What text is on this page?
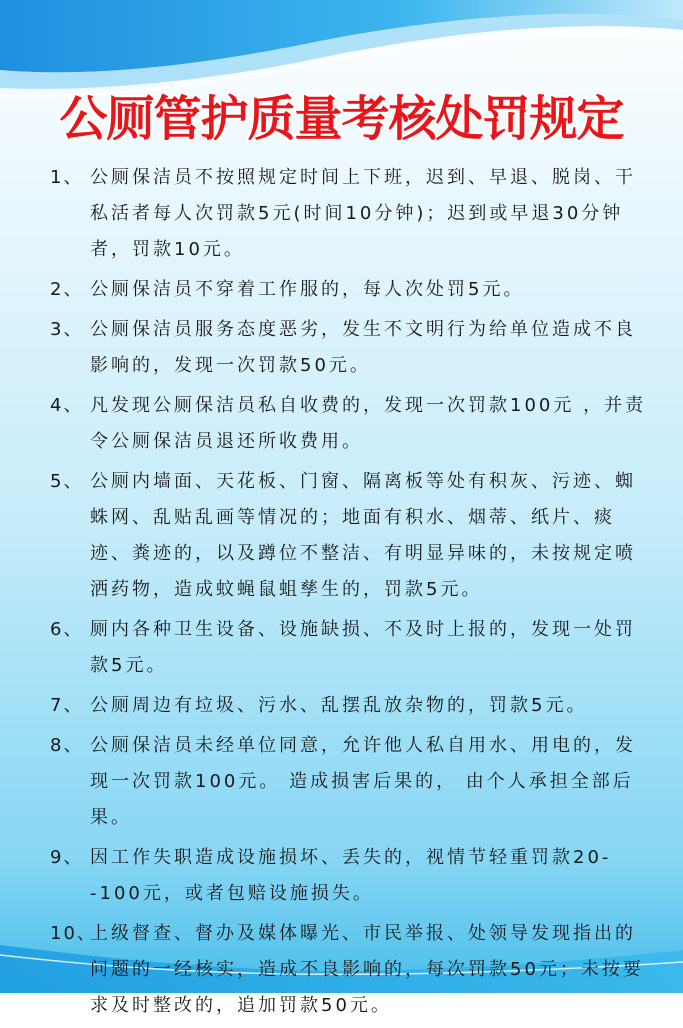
公厕管护质量考核处罚规定
1、 公厕保洁员不按照规定时间上下班，迟到、早退、脱岗、干私活者每人次罚款5元(时间10分钟)；迟到或早退30分钟者，罚款10元。
2、 公厕保洁员不穿着工作服的，每人次处罚5元。
3、 公厕保洁员服务态度恶劣，发生不文明行为给单位造成不良影响的，发现一次罚款50元。
4、 凡发现公厕保洁员私自收费的，发现一次罚款100元 ，并责令公厕保洁员退还所收费用。
5、 公厕内墙面、天花板、门窗、隔离板等处有积灰、污迹、蜘蛛网、乱贴乱画等情况的；地面有积水、烟蒂、纸片、痰迹、粪迹的，以及蹲位不整洁、有明显异味的，未按规定喷洒药物，造成蚊蝇鼠蛆孳生的，罚款5元。
6、 厕内各种卫生设备、设施缺损、不及时上报的，发现一处罚款5元。
7、 公厕周边有垃圾、污水、乱摆乱放杂物的，罚款5元。
8、 公厕保洁员未经单位同意，允许他人私自用水、用电的，发现一次罚款100元。 造成损害后果的， 由个人承担全部后果。
9、 因工作失职造成设施损坏、丢失的，视情节轻重罚款20--100元，或者包赔设施损失。
10、
上级督查、督办及媒体曝光、市民举报、处领导发现指出的问题的一经核实，造成不良影响的，每次罚款50元；未按要求及时整改的，追加罚款50元。
